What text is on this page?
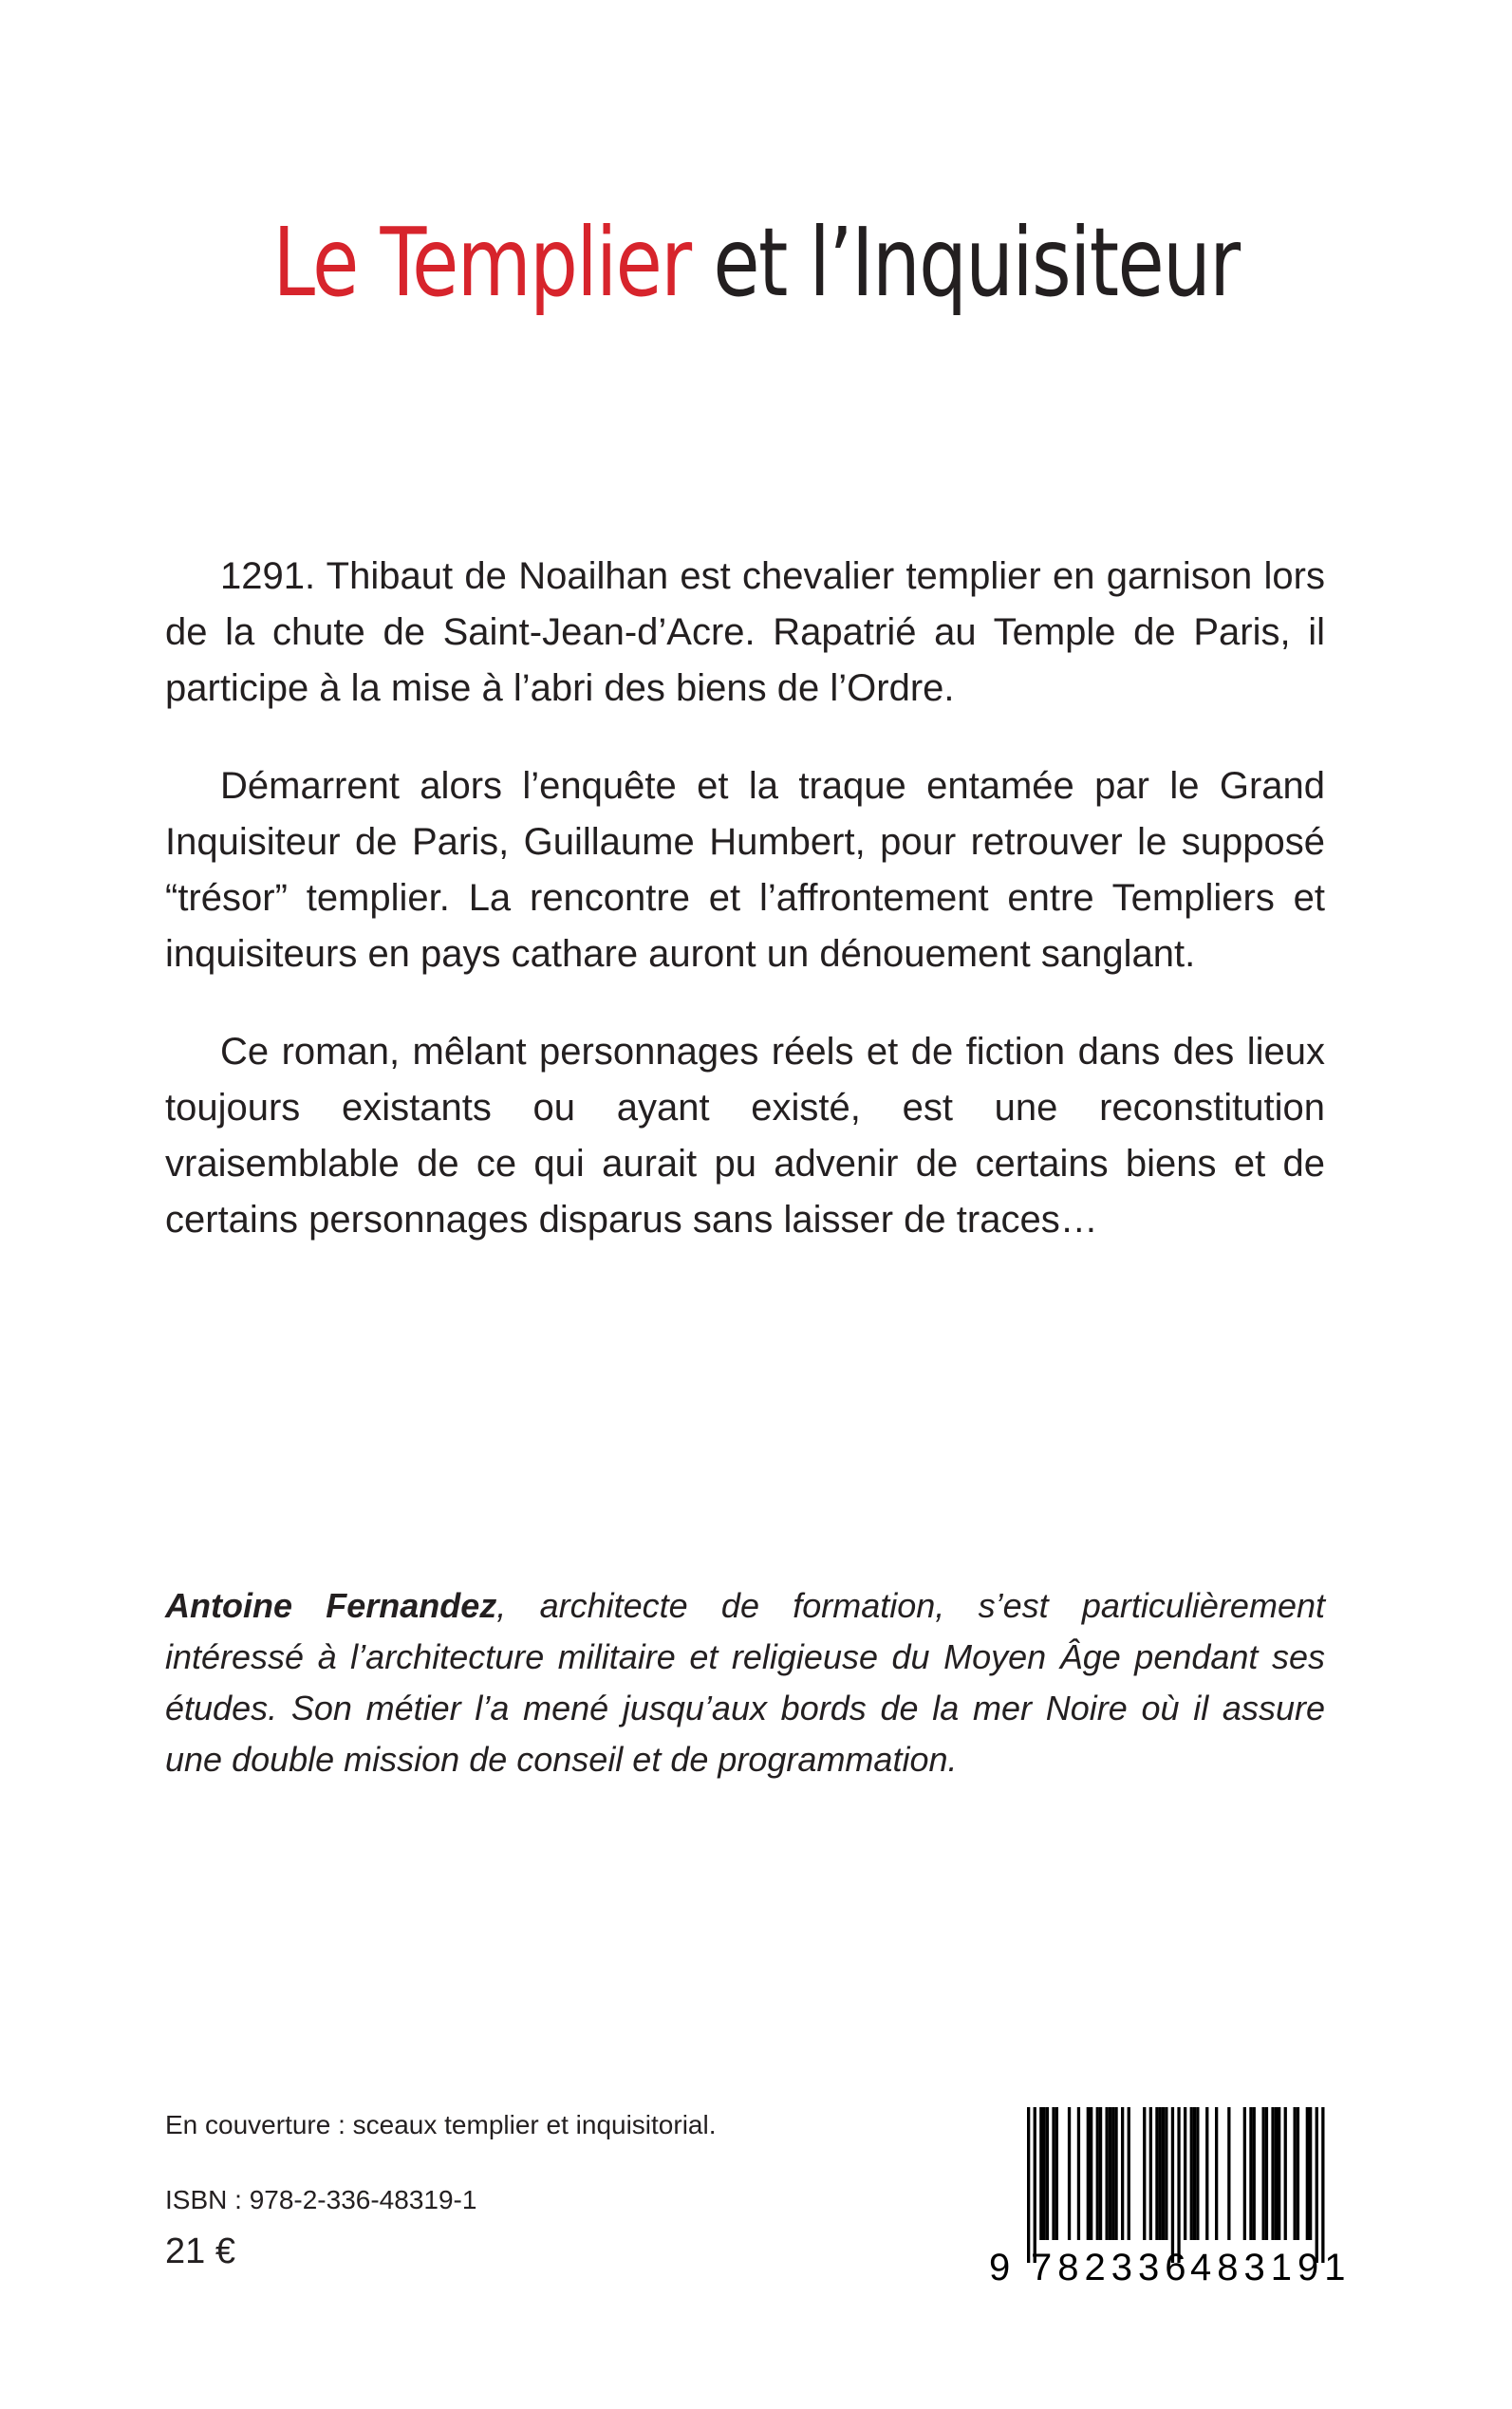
Le Templier et l’Inquisiteur

1291. Thibaut de Noailhan est chevalier templier en garnison lors de la chute de Saint-Jean-d’Acre. Rapatrié au Temple de Paris, il participe à la mise à l’abri des biens de l’Ordre.

Démarrent alors l’enquête et la traque entamée par le Grand Inquisiteur de Paris, Guillaume Humbert, pour retrouver le supposé “trésor” templier. La rencontre et l’affrontement entre Templiers et inquisiteurs en pays cathare auront un dénouement sanglant.

Ce roman, mêlant personnages réels et de fiction dans des lieux toujours existants ou ayant existé, est une reconstitution vraisemblable de ce qui aurait pu advenir de certains biens et de certains personnages disparus sans laisser de traces…

Antoine Fernandez, architecte de formation, s’est particulièrement intéressé à l’architecture militaire et religieuse du Moyen Âge pendant ses études. Son métier l’a mené jusqu’aux bords de la mer Noire où il assure une double mission de conseil et de programmation.

En couverture : sceaux templier et inquisitorial.
ISBN : 978-2-336-48319-1
21 €	9 782336
483191
